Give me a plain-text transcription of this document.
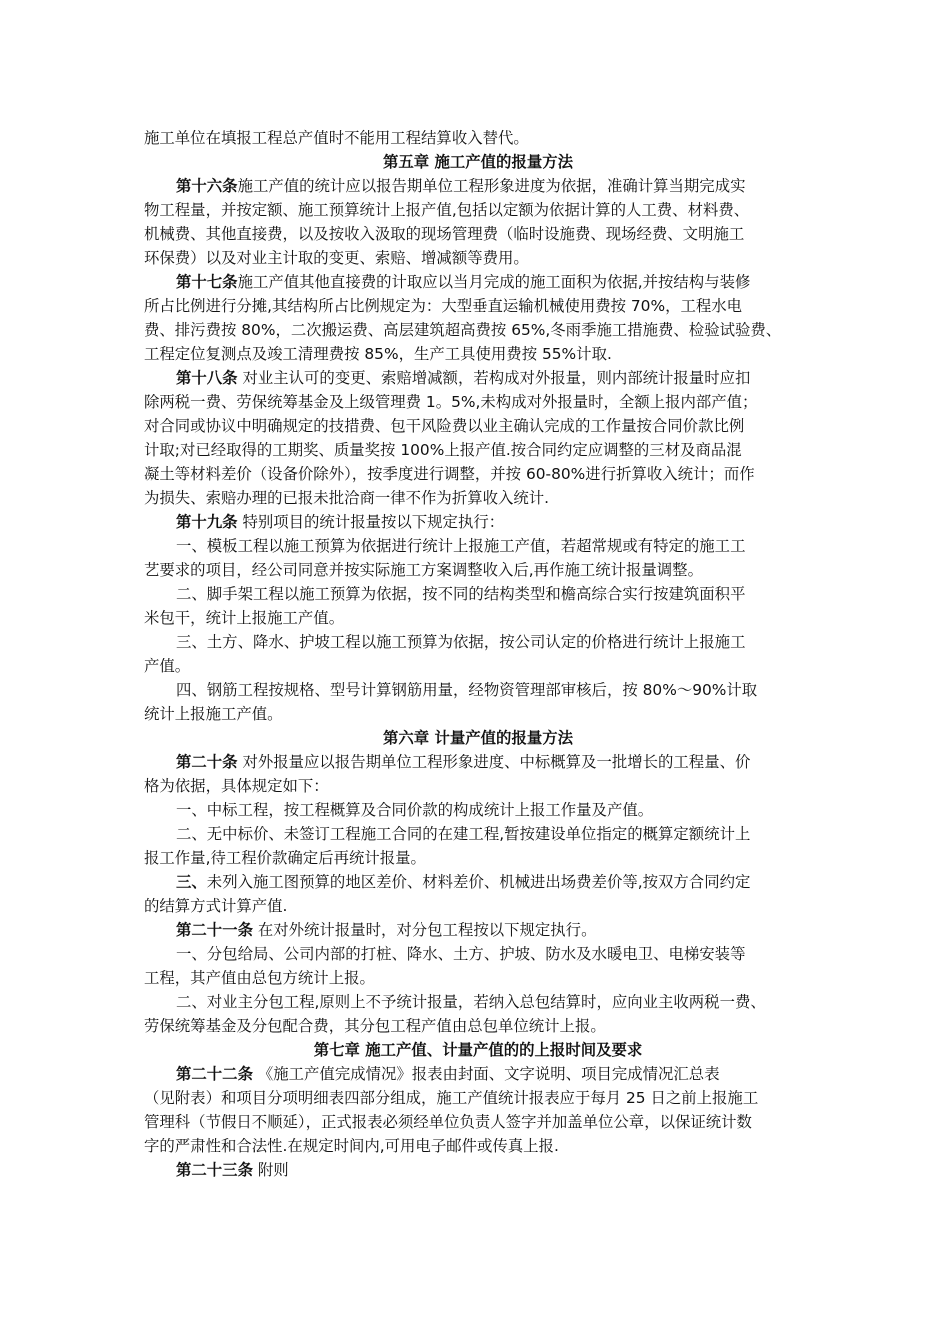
施工单位在填报工程总产值时不能用工程结算收入替代。
第五章 施工产值的报量方法
第十六条施工产值的统计应以报告期单位工程形象进度为依据，准确计算当期完成实
物工程量，并按定额、施工预算统计上报产值,包括以定额为依据计算的人工费、材料费、
机械费、其他直接费，以及按收入汲取的现场管理费（临时设施费、现场经费、文明施工
环保费）以及对业主计取的变更、索赔、增减额等费用。
第十七条施工产值其他直接费的计取应以当月完成的施工面积为依据,并按结构与装修
所占比例进行分摊,其结构所占比例规定为：大型垂直运输机械使用费按 70%，工程水电
费、排污费按 80%，二次搬运费、高层建筑超高费按 65%,冬雨季施工措施费、检验试验费、
工程定位复测点及竣工清理费按 85%，生产工具使用费按 55%计取.
第十八条 对业主认可的变更、索赔增减额，若构成对外报量，则内部统计报量时应扣
除两税一费、劳保统筹基金及上级管理费 1。5%,未构成对外报量时，全额上报内部产值；
对合同或协议中明确规定的技措费、包干风险费以业主确认完成的工作量按合同价款比例
计取;对已经取得的工期奖、质量奖按 100%上报产值.按合同约定应调整的三材及商品混
凝土等材料差价（设备价除外），按季度进行调整，并按 60-80%进行折算收入统计；而作
为损失、索赔办理的已报未批洽商一律不作为折算收入统计.
第十九条 特别项目的统计报量按以下规定执行：
一、模板工程以施工预算为依据进行统计上报施工产值，若超常规或有特定的施工工
艺要求的项目，经公司同意并按实际施工方案调整收入后,再作施工统计报量调整。
二、脚手架工程以施工预算为依据，按不同的结构类型和檐高综合实行按建筑面积平
米包干，统计上报施工产值。
三、土方、降水、护坡工程以施工预算为依据，按公司认定的价格进行统计上报施工
产值。
四、钢筋工程按规格、型号计算钢筋用量，经物资管理部审核后，按 80%～90%计取
统计上报施工产值。
第六章 计量产值的报量方法
第二十条 对外报量应以报告期单位工程形象进度、中标概算及一批增长的工程量、价
格为依据，具体规定如下：
一、中标工程，按工程概算及合同价款的构成统计上报工作量及产值。
二、无中标价、未签订工程施工合同的在建工程,暂按建设单位指定的概算定额统计上
报工作量,待工程价款确定后再统计报量。
三、未列入施工图预算的地区差价、材料差价、机械进出场费差价等,按双方合同约定
的结算方式计算产值.
第二十一条 在对外统计报量时，对分包工程按以下规定执行。
一、分包给局、公司内部的打桩、降水、土方、护坡、防水及水暖电卫、电梯安装等
工程，其产值由总包方统计上报。
二、对业主分包工程,原则上不予统计报量，若纳入总包结算时，应向业主收两税一费、
劳保统筹基金及分包配合费，其分包工程产值由总包单位统计上报。
第七章 施工产值、计量产值的的上报时间及要求
第二十二条 《施工产值完成情况》报表由封面、文字说明、项目完成情况汇总表
（见附表）和项目分项明细表四部分组成，施工产值统计报表应于每月 25 日之前上报施工
管理科（节假日不顺延），正式报表必须经单位负责人签字并加盖单位公章，以保证统计数
字的严肃性和合法性.在规定时间内,可用电子邮件或传真上报.
第二十三条 附则
